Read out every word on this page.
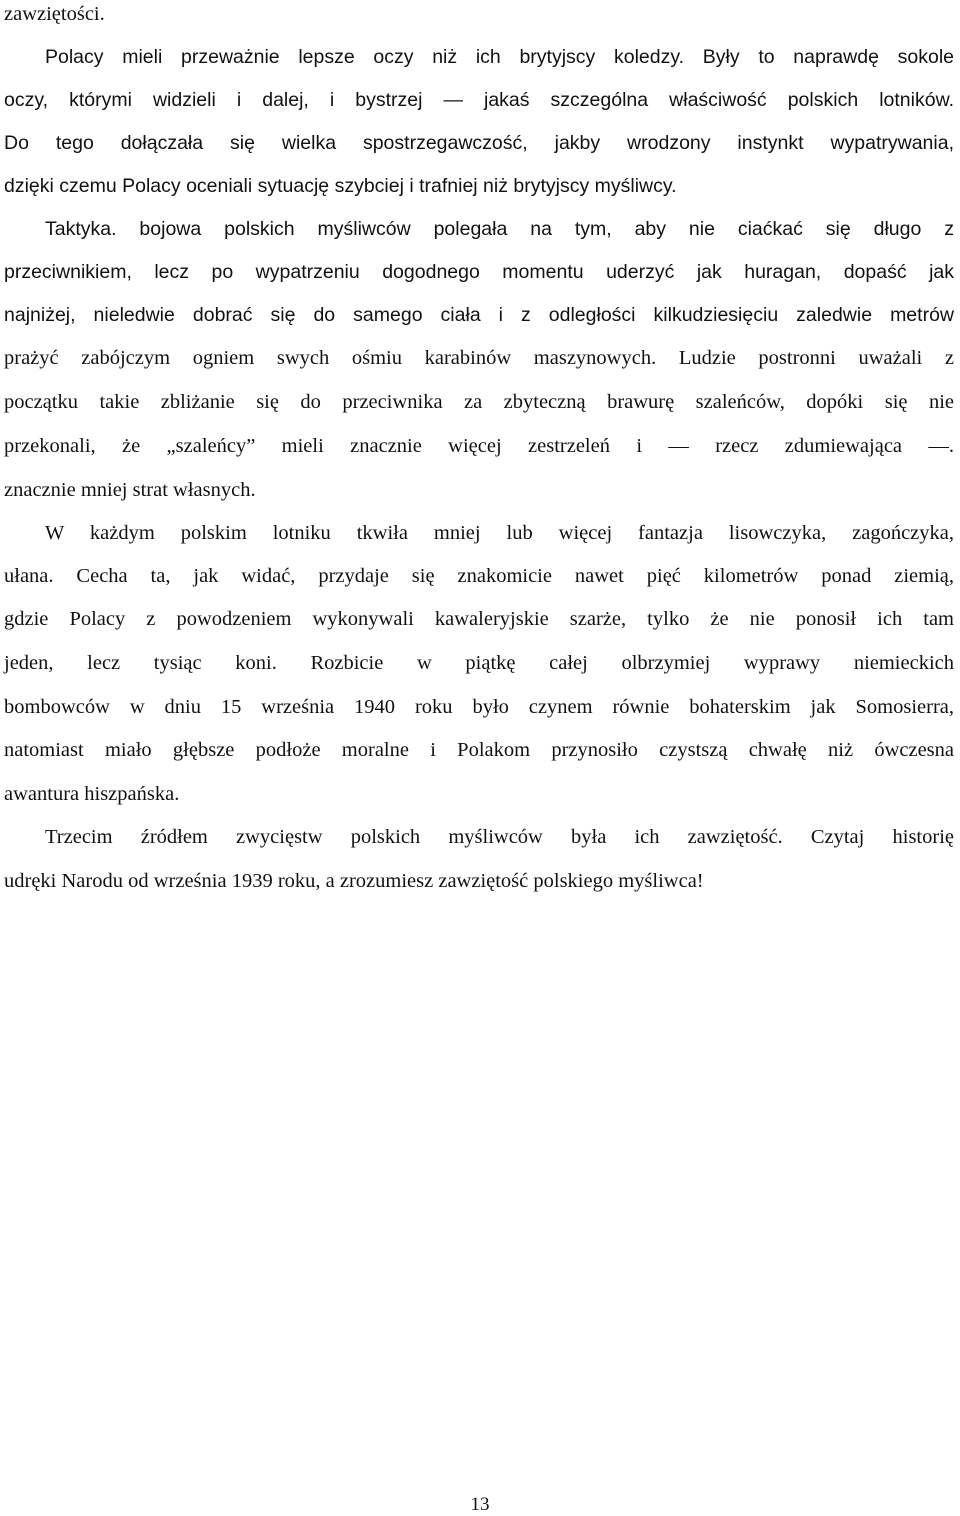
zawziętości.
Polacy mieli przeważnie lepsze oczy niż ich brytyjscy koledzy. Były to naprawdę sokole
oczy, którymi widzieli i dalej, i bystrzej — jakaś szczególna właściwość polskich lotników.
Do tego dołączała się wielka spostrzegawczość, jakby wrodzony instynkt wypatrywania,
dzięki czemu Polacy oceniali sytuację szybciej i trafniej niż brytyjscy myśliwcy.
Taktyka. bojowa polskich myśliwców polegała na tym, aby nie ciaćkać się długo z
przeciwnikiem, lecz po wypatrzeniu dogodnego momentu uderzyć jak huragan, dopaść jak
najniżej, nieledwie dobrać się do samego ciała i z odległości kilkudziesięciu zaledwie metrów
prażyć zabójczym ogniem swych ośmiu karabinów maszynowych. Ludzie postronni uważali z
początku takie zbliżanie się do przeciwnika za zbyteczną brawurę szaleńców, dopóki się nie
przekonali, że „szaleńcy” mieli znacznie więcej zestrzeleń i — rzecz zdumiewająca —.
znacznie mniej strat własnych.
W każdym polskim lotniku tkwiła mniej lub więcej fantazja lisowczyka, zagończyka,
ułana. Cecha ta, jak widać, przydaje się znakomicie nawet pięć kilometrów ponad ziemią,
gdzie Polacy z powodzeniem wykonywali kawaleryjskie szarże, tylko że nie ponosił ich tam
jeden, lecz tysiąc koni. Rozbicie w piątkę całej olbrzymiej wyprawy niemieckich
bombowców w dniu 15 września 1940 roku było czynem równie bohaterskim jak Somosierra,
natomiast miało głębsze podłoże moralne i Polakom przynosiło czystszą chwałę niż ówczesna
awantura hiszpańska.
Trzecim źródłem zwycięstw polskich myśliwców była ich zawziętość. Czytaj historię
udręki Narodu od września 1939 roku, a zrozumiesz zawziętość polskiego myśliwca!
13
